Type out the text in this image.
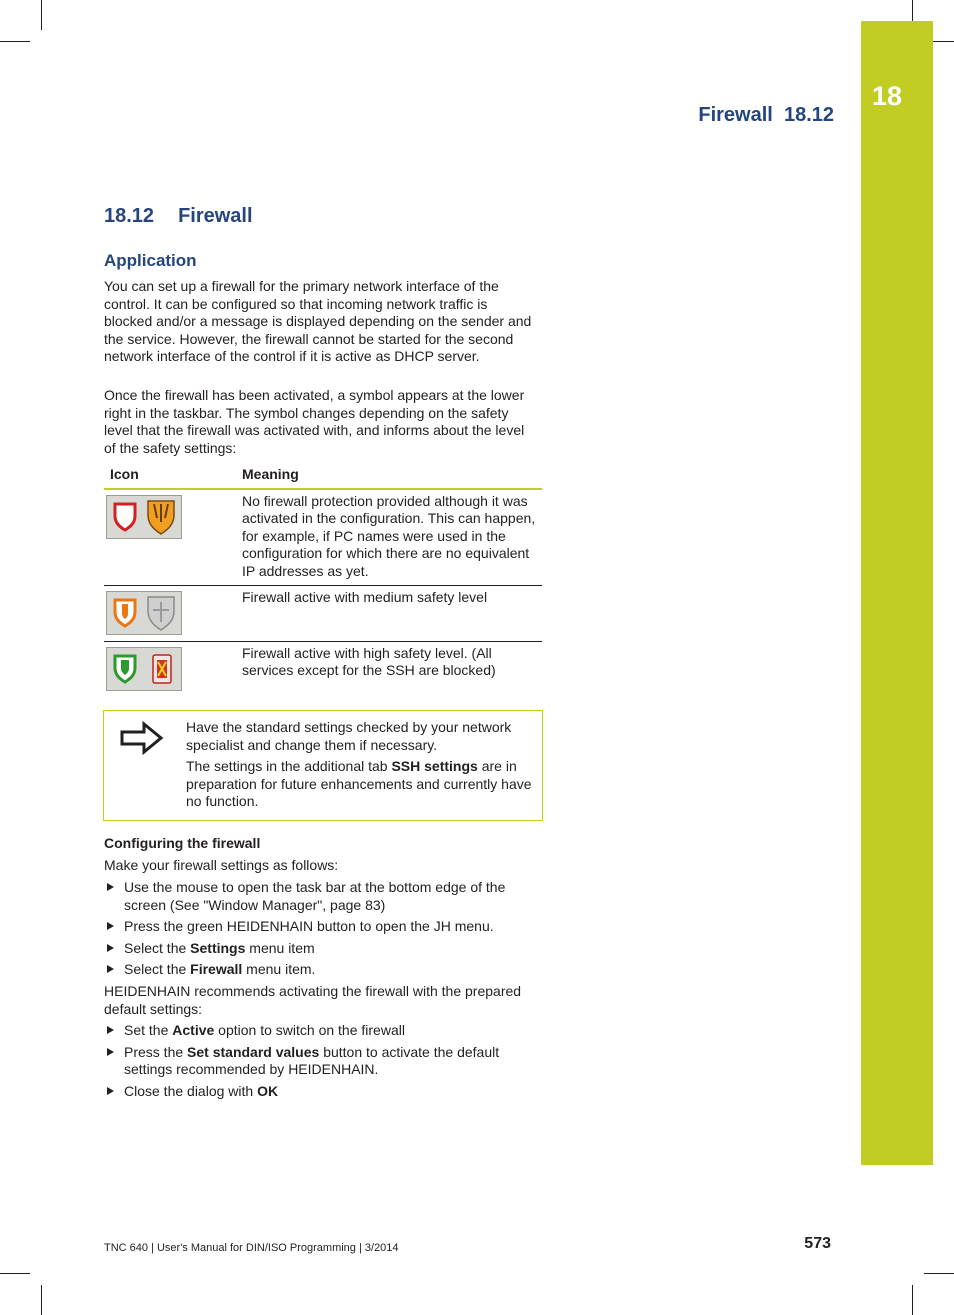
18
Firewall  18.12
18.12 Firewall
Application

You can set up a firewall for the primary network interface of the control. It can be configured so that incoming network traffic is blocked and/or a message is displayed depending on the sender and the service. However, the firewall cannot be started for the second network interface of the control if it is active as DHCP server.

Once the firewall has been activated, a symbol appears at the lower right in the taskbar. The symbol changes depending on the safety level that the firewall was activated with, and informs about the level of the safety settings:

Icon	Meaning

	No firewall protection provided although it was activated in the configuration. This can happen, for example, if PC names were used in the configuration for which there are no equivalent IP addresses as yet.

	Firewall active with medium safety level

	Firewall active with high safety level. (All services except for the SSH are blocked)

Have the standard settings checked by your network specialist and change them if necessary.

The settings in the additional tab SSH settings are in preparation for future enhancements and currently have no function.

Configuring the firewall

Make your firewall settings as follows:

Use the mouse to open the task bar at the bottom edge of the screen (See "Window Manager", page 83)
Press the green HEIDENHAIN button to open the JH menu.
Select the Settings menu item
Select the Firewall menu item.

HEIDENHAIN recommends activating the firewall with the prepared default settings:

Set the Active option to switch on the firewall
Press the Set standard values button to activate the default settings recommended by HEIDENHAIN.
Close the dialog with OK
TNC 640 | User's Manual for DIN/ISO Programming | 3/2014	573
